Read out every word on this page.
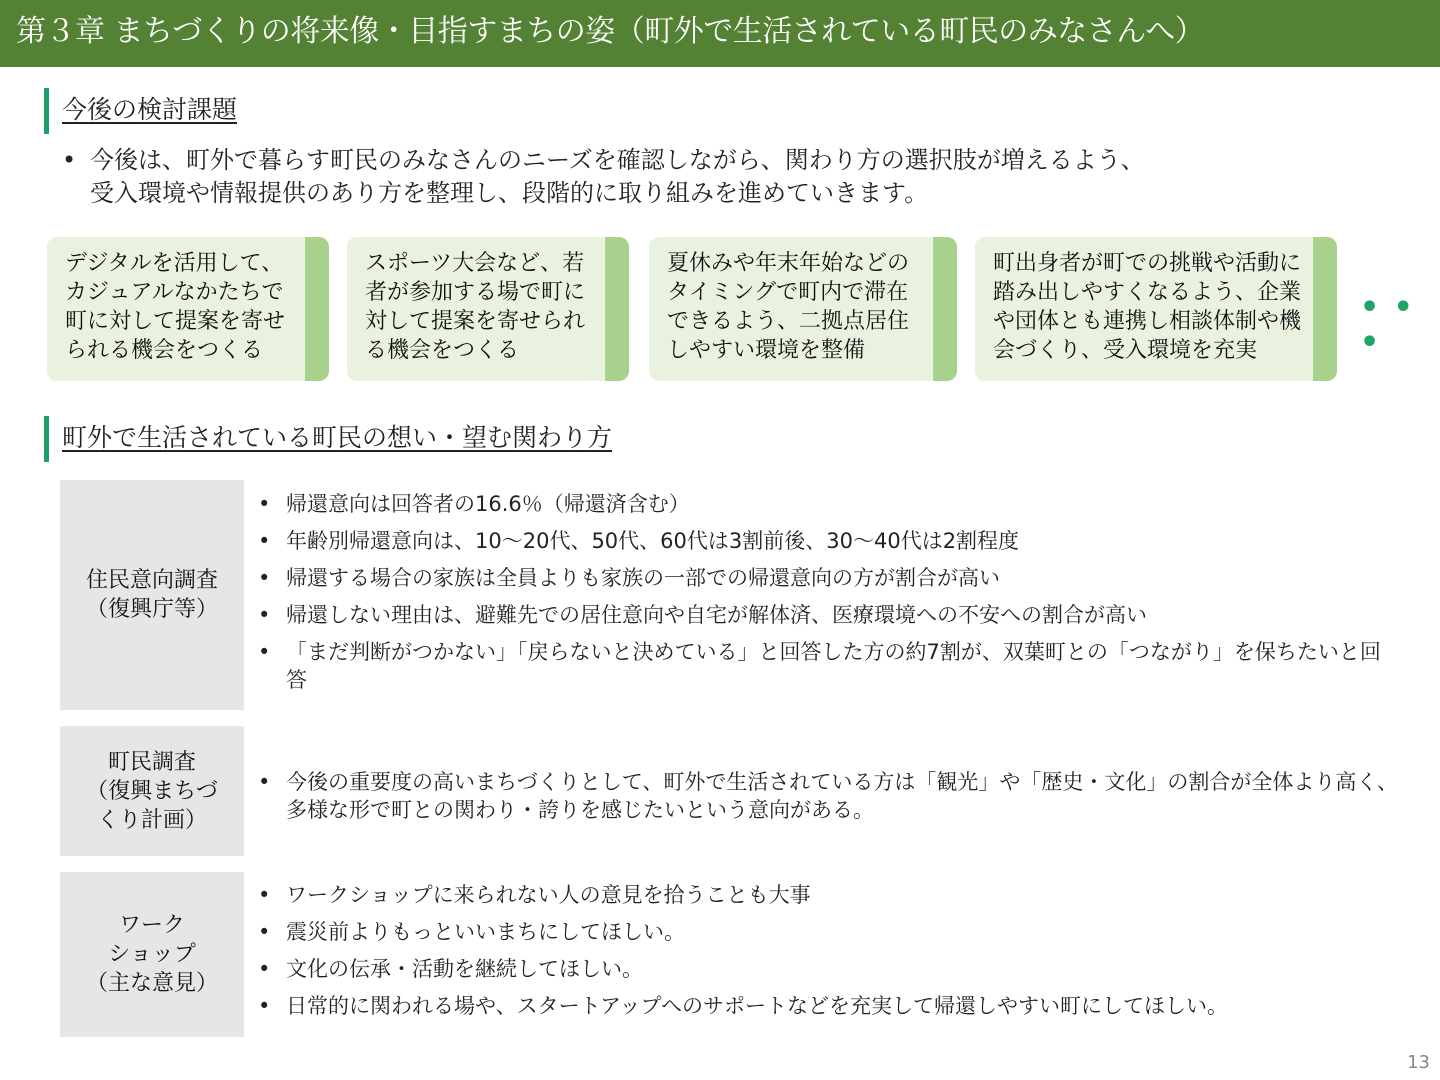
第３章 まちづくりの将来像・目指すまちの姿（町外で生活されている町民のみなさんへ）
今後の検討課題
• 今後は、町外で暮らす町民のみなさんのニーズを確認しながら、関わり方の選択肢が増えるよう、
受入環境や情報提供のあり方を整理し、段階的に取り組みを進めていきます。
デジタルを活用して、カジュアルなかたちで町に対して提案を寄せられる機会をつくる
スポーツ大会など、若者が参加する場で町に対して提案を寄せられる機会をつくる
夏休みや年末年始などのタイミングで町内で滞在できるよう、二拠点居住しやすい環境を整備
町出身者が町での挑戦や活動に踏み出しやすくなるよう、企業や団体とも連携し相談体制や機会づくり、受入環境を充実
• • •
町外で生活されている町民の想い・望む関わり方
住民意向調査
（復興庁等）
• 帰還意向は回答者の16.6％（帰還済含む）
• 年齢別帰還意向は、10～20代、50代、60代は3割前後、30～40代は2割程度
• 帰還する場合の家族は全員よりも家族の一部での帰還意向の方が割合が高い
• 帰還しない理由は、避難先での居住意向や自宅が解体済、医療環境への不安への割合が高い
• 「まだ判断がつかない」「戻らないと決めている」と回答した方の約7割が、双葉町との「つながり」を保ちたいと回答
町民調査
（復興まちづ
くり計画）
• 今後の重要度の高いまちづくりとして、町外で生活されている方は「観光」や「歴史・文化」の割合が全体より高く、多様な形で町との関わり・誇りを感じたいという意向がある。
ワーク
ショップ
（主な意見）
• ワークショップに来られない人の意見を拾うことも大事
• 震災前よりもっといいまちにしてほしい。
• 文化の伝承・活動を継続してほしい。
• 日常的に関われる場や、スタートアップへのサポートなどを充実して帰還しやすい町にしてほしい。
13
